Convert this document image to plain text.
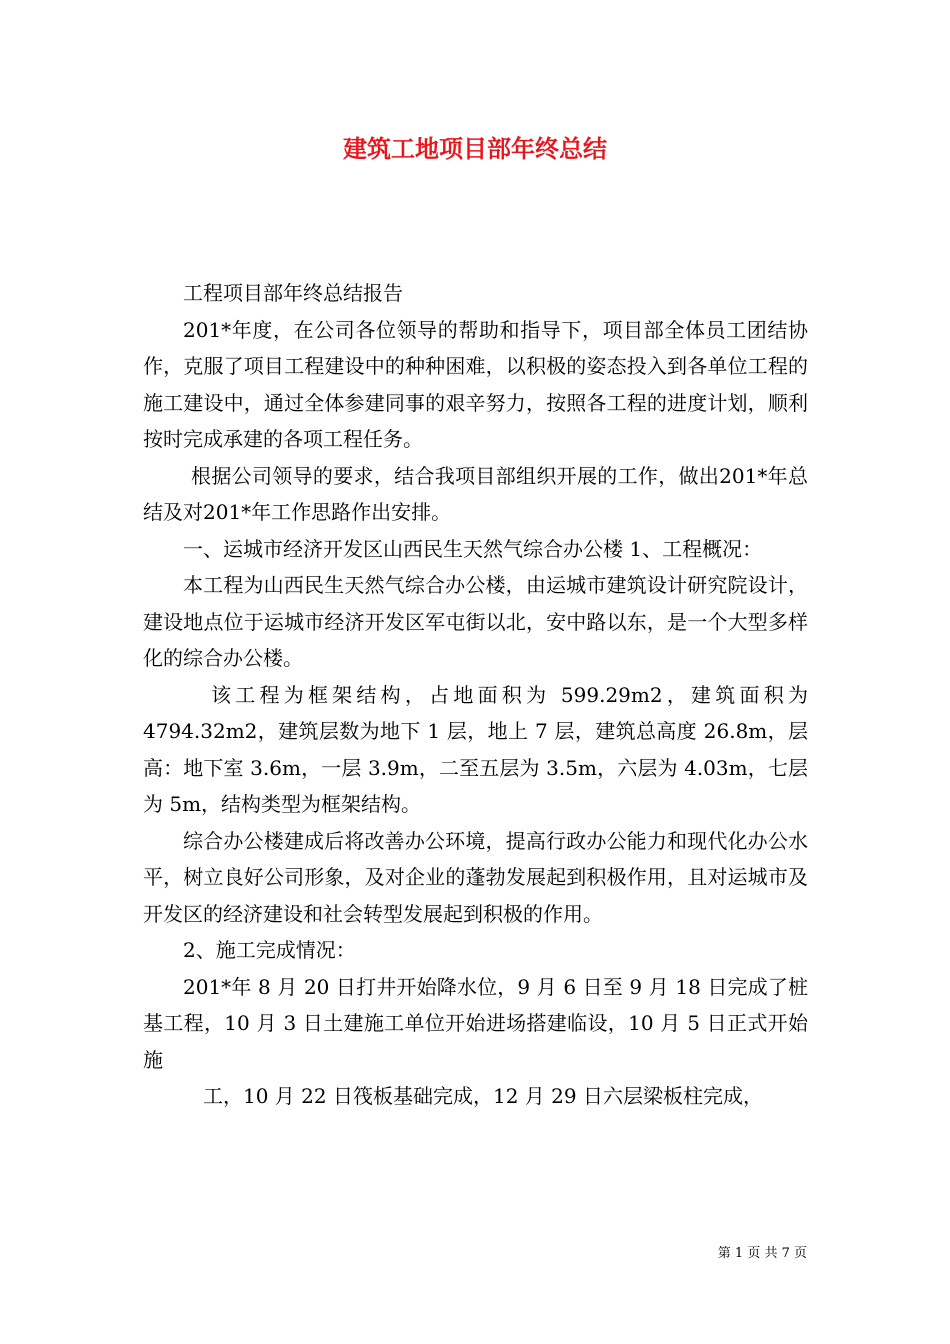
建筑工地项目部年终总结

工程项目部年终总结报告

201*年度，在公司各位领导的帮助和指导下，项目部全体员工团结协作，克服了项目工程建设中的种种困难，以积极的姿态投入到各单位工程的施工建设中，通过全体参建同事的艰辛努力，按照各工程的进度计划，顺利按时完成承建的各项工程任务。

根据公司领导的要求，结合我项目部组织开展的工作，做出201*年总结及对201*年工作思路作出安排。

一、运城市经济开发区山西民生天然气综合办公楼 1、工程概况：

本工程为山西民生天然气综合办公楼，由运城市建筑设计研究院设计，建设地点位于运城市经济开发区军屯街以北，安中路以东，是一个大型多样化的综合办公楼。

该工程为框架结构，占地面积为 599.29m2，建筑面积为4794.32m2，建筑层数为地下 1 层，地上 7 层，建筑总高度 26.8m，层高：地下室 3.6m，一层 3.9m，二至五层为 3.5m，六层为 4.03m，七层为 5m，结构类型为框架结构。

综合办公楼建成后将改善办公环境，提高行政办公能力和现代化办公水平，树立良好公司形象，及对企业的蓬勃发展起到积极作用，且对运城市及开发区的经济建设和社会转型发展起到积极的作用。

2、施工完成情况：

201*年 8 月 20 日打井开始降水位，9 月 6 日至 9 月 18 日完成了桩基工程，10 月 3 日土建施工单位开始进场搭建临设，10 月 5 日正式开始施

工，10 月 22 日筏板基础完成，12 月 29 日六层梁板柱完成，

第 1 页 共 7 页
